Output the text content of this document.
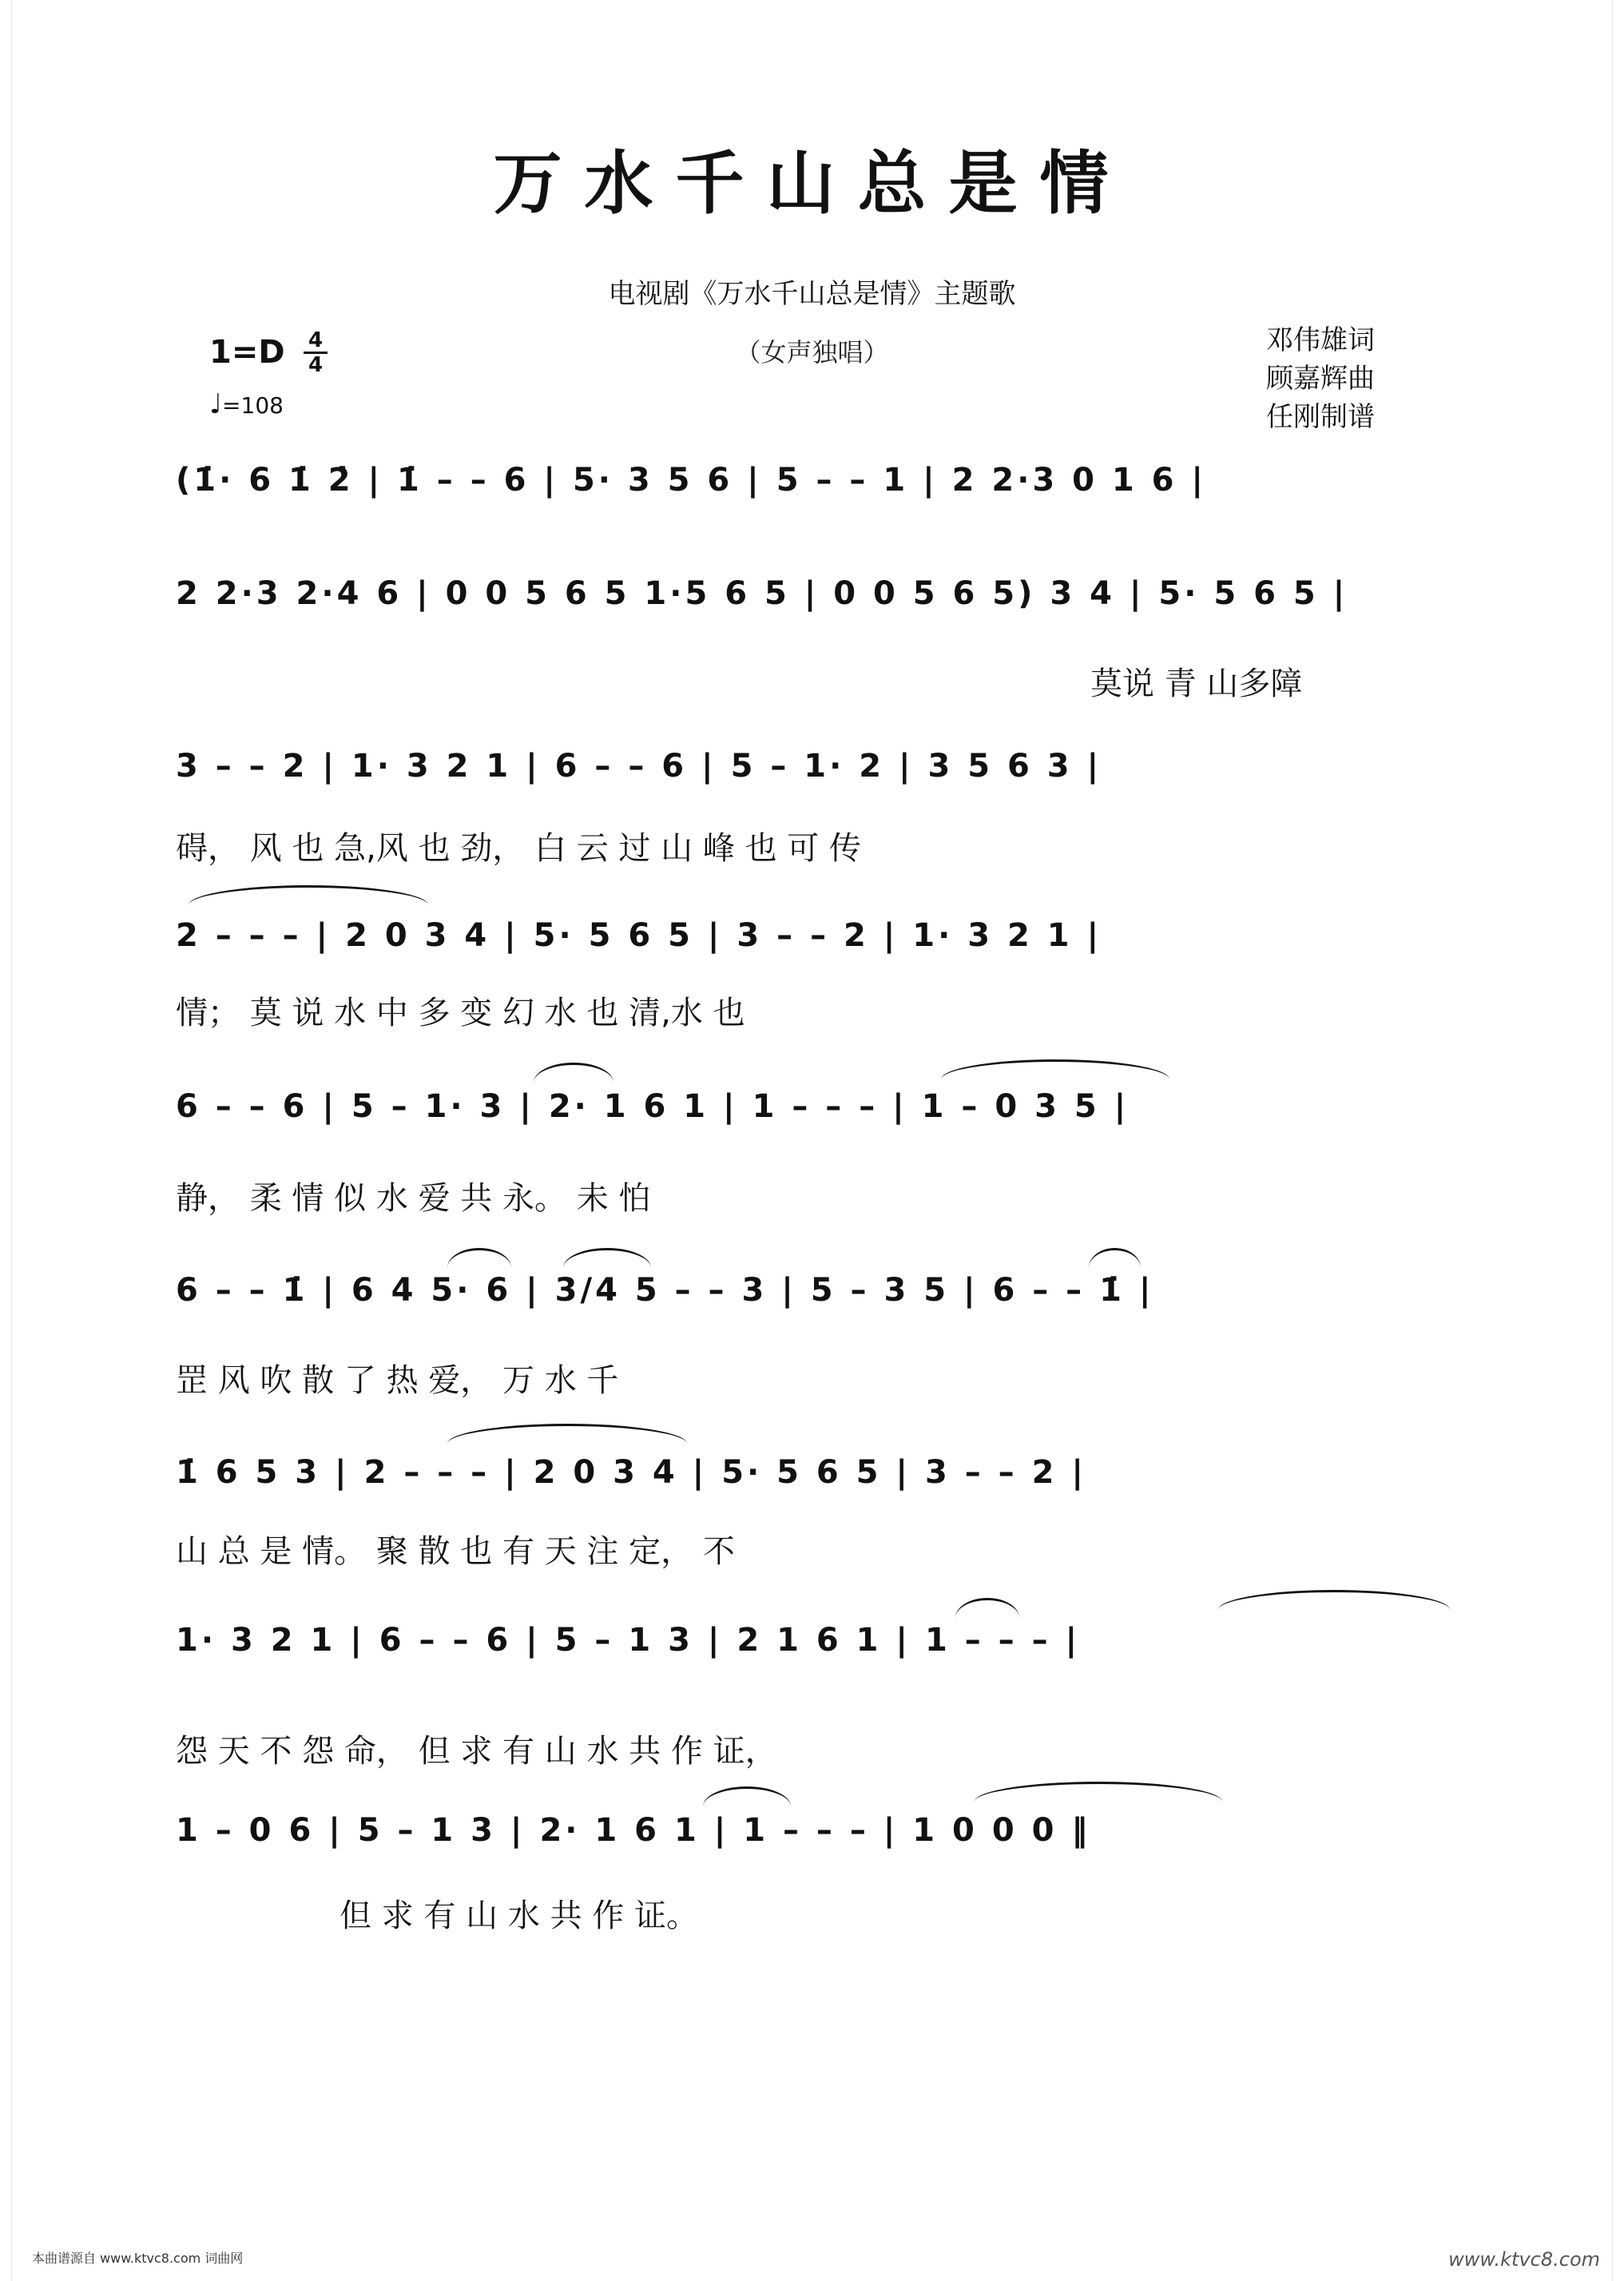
万水千山总是情
电视剧《万水千山总是情》主题歌
（女声独唱）	邓伟雄词
顾嘉辉曲
任刚制谱
$1=D \frac{4}{4}$
♩=108
(1̇· 6 1̇ 2̇ | 1̇ – – 6 | 5· 3 5 6 | 5 – – 1 | 2 2·3 0 1 6 |
2 2·3 2·4 6 | 0 0 5 6 5 1·5 6 5 | 0 0 5 6 5) 3 4 | 5· 5 6 5 |
莫说 青 山多障
3 – – 2 | 1· 3 2 1 | 6 – – 6 | 5 – 1· 2 | 3 5 6 3 |
碍， 风 也 急,风 也 劲， 白 云 过 山 峰 也 可 传
2 – – – | 2 0 3 4 | 5· 5 6 5 | 3 – – 2 | 1· 3 2 1 |
情； 莫 说 水 中 多 变 幻 水 也 清,水 也
6 – – 6 | 5 – 1· 3 | 2· 1 6 1 | 1 – – – | 1 – 0 3 5 |
静， 柔 情 似 水 爱 共 永。 未 怕
6 – – 1̇ | 6 4 5· 6 | 3/4 5 – – 3 | 5 – 3 5 | 6 – – 1̇ |
罡 风 吹 散 了 热 爱， 万 水 千
1̇ 6 5 3 | 2 – – – | 2 0 3 4 | 5· 5 6 5 | 3 – – 2 |
山 总 是 情。 聚 散 也 有 天 注 定， 不
1· 3 2 1 | 6 – – 6 | 5 – 1 3 | 2 1 6 1 | 1 – – – |
怨 天 不 怨 命， 但 求 有 山 水 共 作 证，
1 – 0 6 | 5 – 1 3 | 2· 1 6 1 | 1 – – – | 1 0 0 0 ‖
但 求 有 山 水 共 作 证。
本曲谱源自 www.ktvc8.com 词曲网	www.ktvc8.com
